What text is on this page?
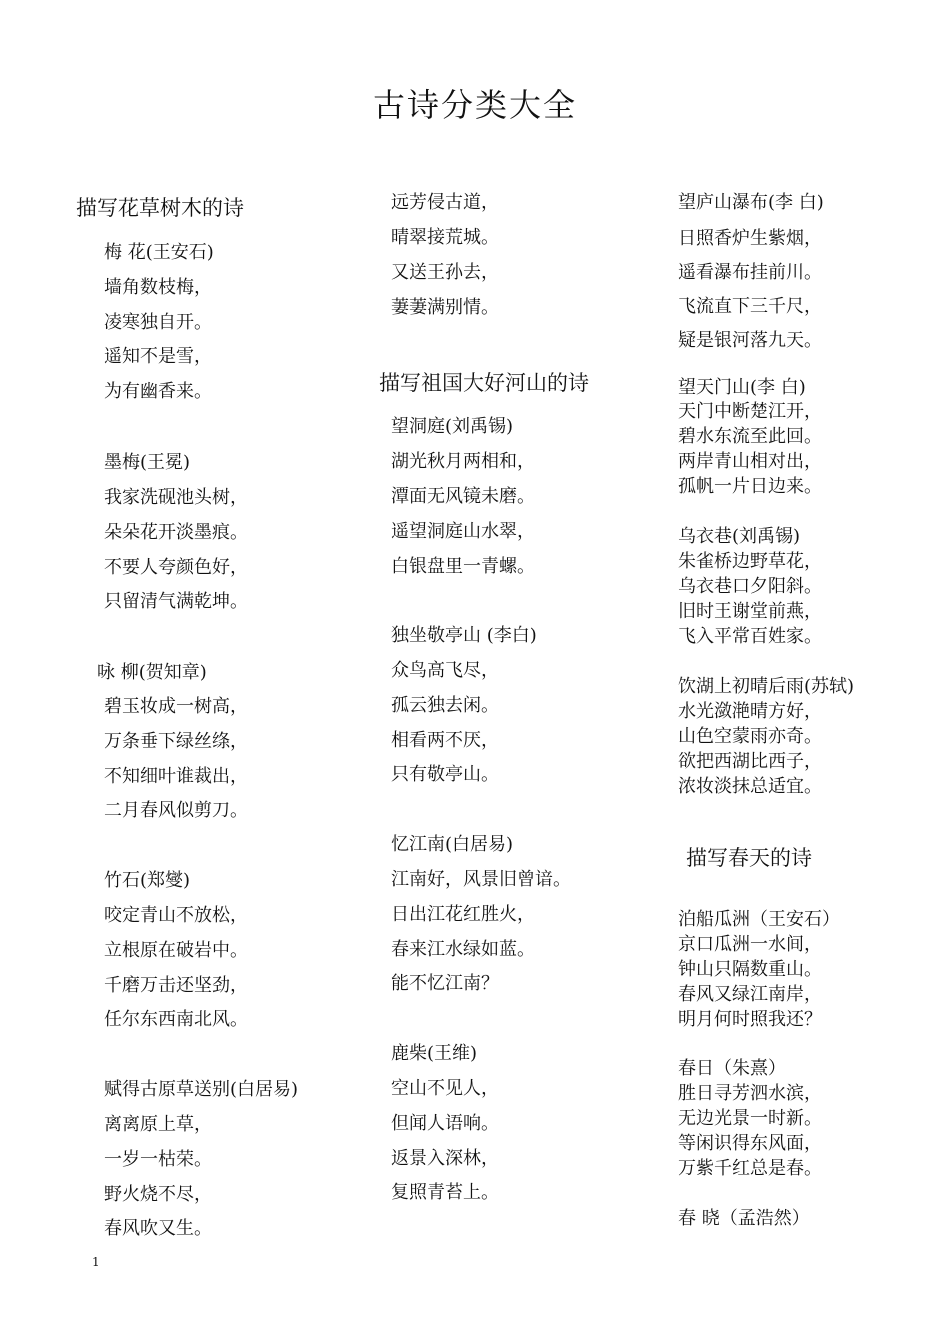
古诗分类大全
描写花草树木的诗
梅 花(王安石)
墙角数枝梅，
凌寒独自开。
遥知不是雪，
为有幽香来。
墨梅(王冕)
我家洗砚池头树，
朵朵花开淡墨痕。
不要人夸颜色好，
只留清气满乾坤。
咏 柳(贺知章)
碧玉妆成一树高，
万条垂下绿丝绦，
不知细叶谁裁出，
二月春风似剪刀。
竹石(郑燮)
咬定青山不放松，
立根原在破岩中。
千磨万击还坚劲，
任尔东西南北风。
赋得古原草送别(白居易)
离离原上草，
一岁一枯荣。
野火烧不尽，
春风吹又生。
远芳侵古道，
晴翠接荒城。
又送王孙去，
萋萋满别情。
描写祖国大好河山的诗
望洞庭(刘禹锡)
湖光秋月两相和，
潭面无风镜未磨。
遥望洞庭山水翠，
白银盘里一青螺。
独坐敬亭山 (李白)
众鸟高飞尽，
孤云独去闲。
相看两不厌，
只有敬亭山。
忆江南(白居易)
江南好，风景旧曾谙。
日出江花红胜火，
春来江水绿如蓝。
能不忆江南？
鹿柴(王维)
空山不见人，
但闻人语响。
返景入深林，
复照青苔上。
望庐山瀑布(李 白)
日照香炉生紫烟，
遥看瀑布挂前川。
飞流直下三千尺，
疑是银河落九天。
望天门山(李 白)
天门中断楚江开，
碧水东流至此回。
两岸青山相对出，
孤帆一片日边来。
乌衣巷(刘禹锡)
朱雀桥边野草花，
乌衣巷口夕阳斜。
旧时王谢堂前燕，
飞入平常百姓家。
饮湖上初晴后雨(苏轼)
水光潋滟晴方好，
山色空蒙雨亦奇。
欲把西湖比西子，
浓妆淡抹总适宜。
描写春天的诗
泊船瓜洲（王安石）
京口瓜洲一水间，
钟山只隔数重山。
春风又绿江南岸，
明月何时照我还？
春日（朱熹）
胜日寻芳泗水滨，
无边光景一时新。
等闲识得东风面，
万紫千红总是春。
春 晓（孟浩然）
1
